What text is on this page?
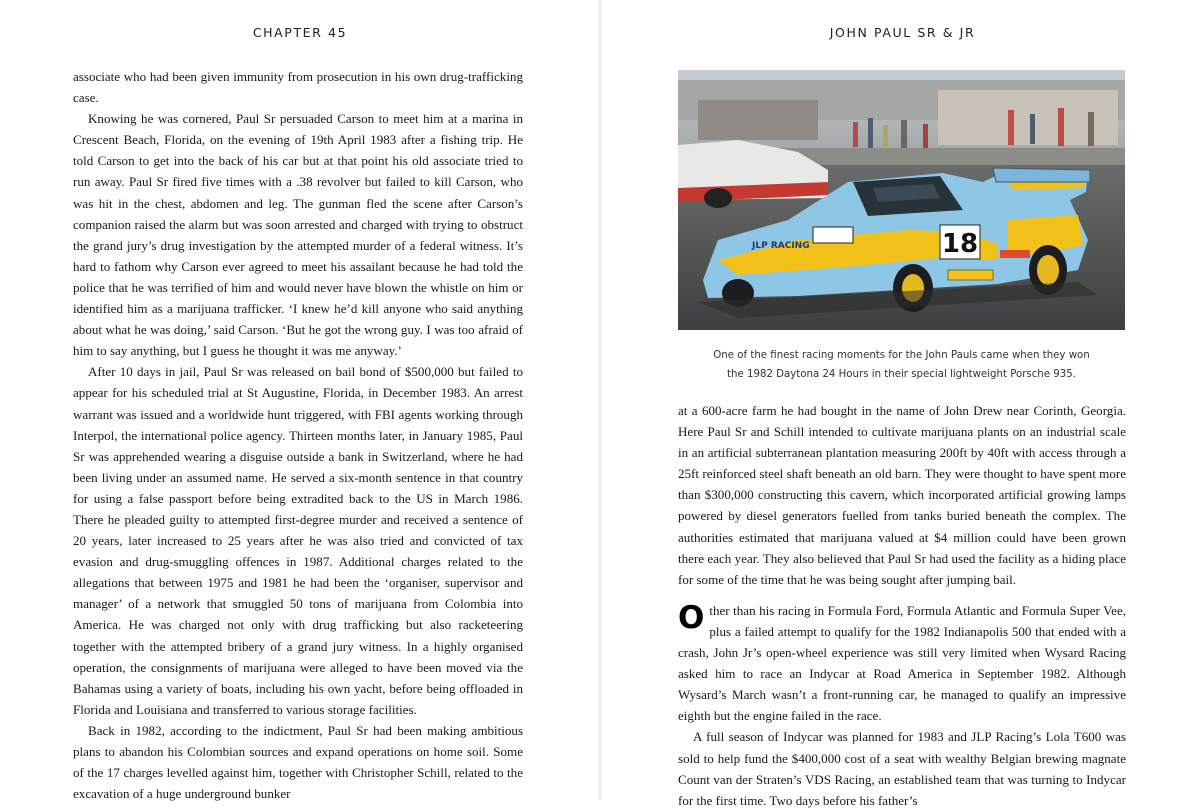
CHAPTER 45

associate who had been given immunity from prosecution in his own drug-trafficking case.

Knowing he was cornered, Paul Sr persuaded Carson to meet him at a marina in Crescent Beach, Florida, on the evening of 19th April 1983 after a fishing trip. He told Carson to get into the back of his car but at that point his old associate tried to run away. Paul Sr fired five times with a .38 revolver but failed to kill Carson, who was hit in the chest, abdomen and leg. The gunman fled the scene after Carson’s companion raised the alarm but was soon arrested and charged with trying to obstruct the grand jury’s drug investigation by the attempted murder of a federal witness. It’s hard to fathom why Carson ever agreed to meet his assailant because he had told the police that he was terrified of him and would never have blown the whistle on him or identified him as a marijuana trafficker. ‘I knew he’d kill anyone who said anything about what he was doing,’ said Carson. ‘But he got the wrong guy. I was too afraid of him to say anything, but I guess he thought it was me anyway.’

After 10 days in jail, Paul Sr was released on bail bond of $500,000 but failed to appear for his scheduled trial at St Augustine, Florida, in December 1983. An arrest warrant was issued and a worldwide hunt triggered, with FBI agents working through Interpol, the international police agency. Thirteen months later, in January 1985, Paul Sr was apprehended wearing a disguise outside a bank in Switzerland, where he had been living under an assumed name. He served a six-month sentence in that country for using a false passport before being extradited back to the US in March 1986. There he pleaded guilty to attempted first-degree murder and received a sentence of 20 years, later increased to 25 years after he was also tried and convicted of tax evasion and drug-smuggling offences in 1987. Additional charges related to the allegations that between 1975 and 1981 he had been the ‘organiser, supervisor and manager’ of a network that smuggled 50 tons of marijuana from Colombia into America. He was charged not only with drug trafficking but also racketeering together with the attempted bribery of a grand jury witness. In a highly organised operation, the consignments of marijuana were alleged to have been moved via the Bahamas using a variety of boats, including his own yacht, before being offloaded in Florida and Louisiana and transferred to various storage facilities.

Back in 1982, according to the indictment, Paul Sr had been making ambitious plans to abandon his Colombian sources and expand operations on home soil. Some of the 17 charges levelled against him, together with Christopher Schill, related to the excavation of a huge underground bunker

JOHN PAUL SR & JR
18
JLP RACING
One of the finest racing moments for the John Pauls came when they won
the 1982 Daytona 24 Hours in their special lightweight Porsche 935.

at a 600-acre farm he had bought in the name of John Drew near Corinth, Georgia. Here Paul Sr and Schill intended to cultivate marijuana plants on an industrial scale in an artificial subterranean plantation measuring 200ft by 40ft with access through a 25ft reinforced steel shaft beneath an old barn. They were thought to have spent more than $300,000 constructing this cavern, which incorporated artificial growing lamps powered by diesel generators fuelled from tanks buried beneath the complex. The authorities estimated that marijuana valued at $4 million could have been grown there each year. They also believed that Paul Sr had used the facility as a hiding place for some of the time that he was being sought after jumping bail.

Other than his racing in Formula Ford, Formula Atlantic and Formula Super Vee, plus a failed attempt to qualify for the 1982 Indianapolis 500 that ended with a crash, John Jr’s open-wheel experience was still very limited when Wysard Racing asked him to race an Indycar at Road America in September 1982. Although Wysard’s March wasn’t a front-running car, he managed to qualify an impressive eighth but the engine failed in the race.

A full season of Indycar was planned for 1983 and JLP Racing’s Lola T600 was sold to help fund the $400,000 cost of a seat with wealthy Belgian brewing magnate Count van der Straten’s VDS Racing, an established team that was turning to Indycar for the first time. Two days before his father’s
